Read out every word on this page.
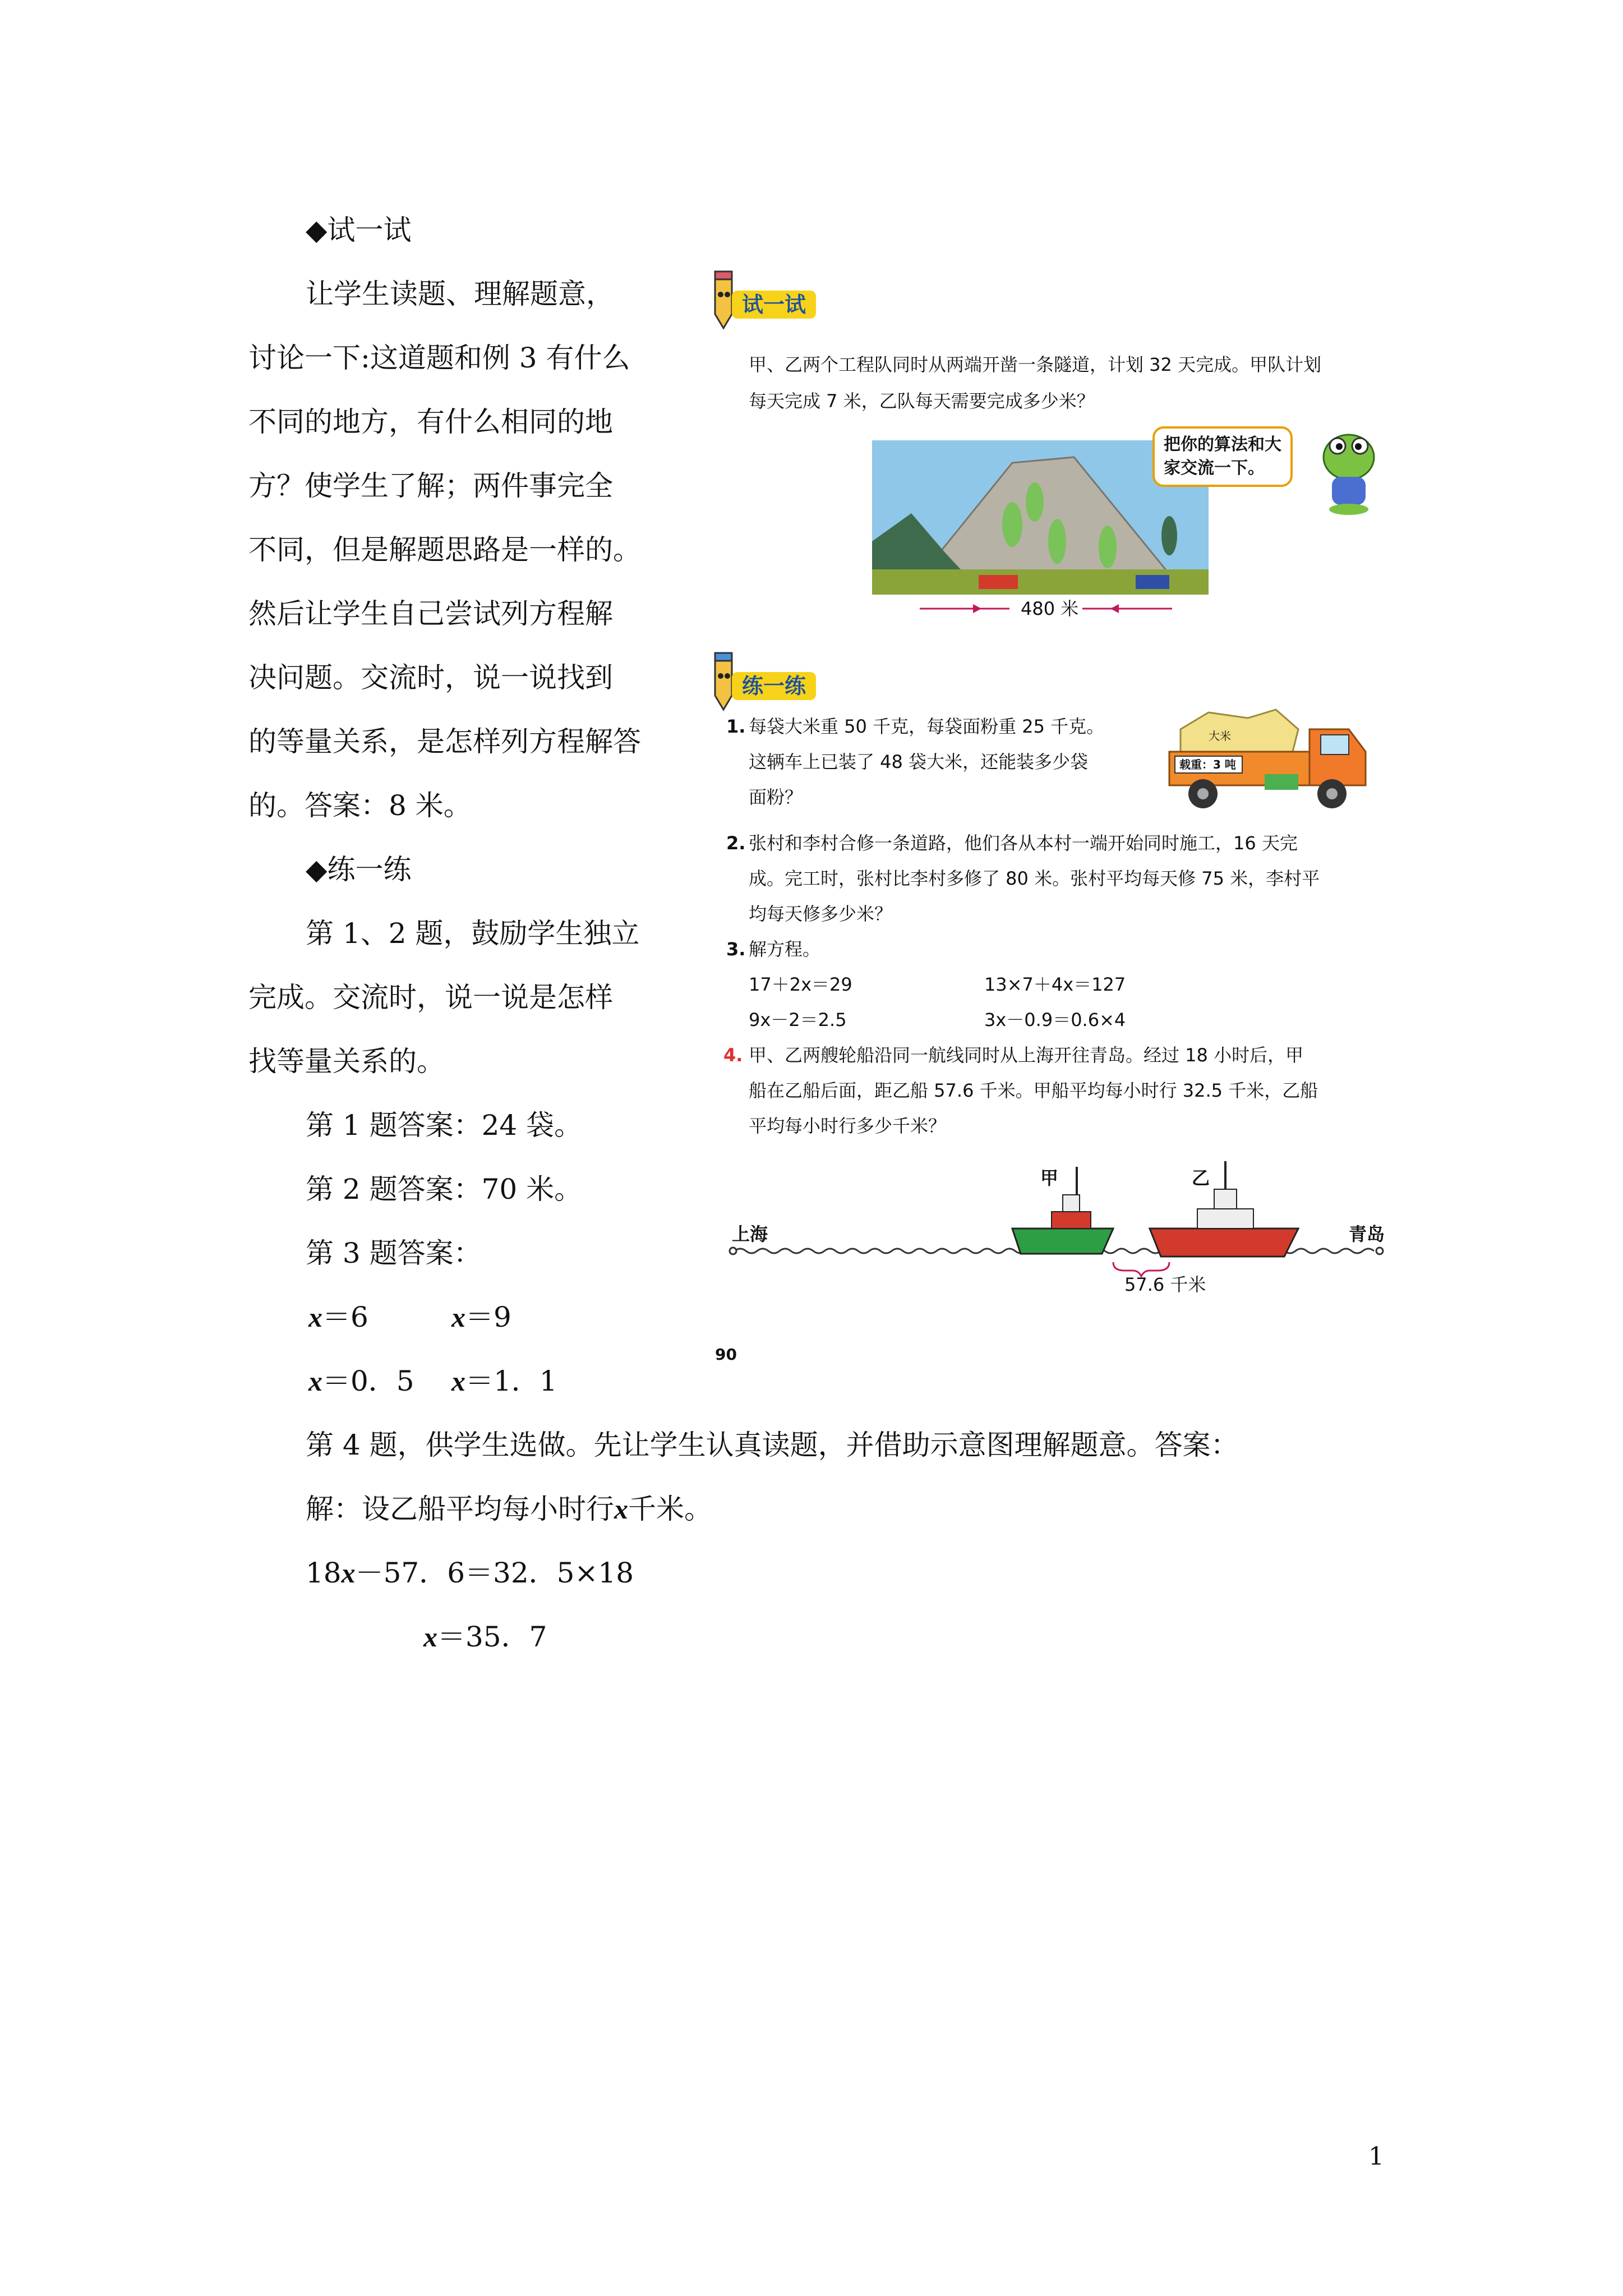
◆试一试
让学生读题、理解题意，
讨论一下:这道题和例 3 有什么
不同的地方，有什么相同的地
方？使学生了解；两件事完全
不同，但是解题思路是一样的。
然后让学生自己尝试列方程解
决问题。交流时，说一说找到
的等量关系，是怎样列方程解答
的。答案：8 米。
◆练一练
第 1、2 题，鼓励学生独立
完成。交流时，说一说是怎样
找等量关系的。
第 1 题答案：24 袋。
第 2 题答案：70 米。
第 3 题答案：
x＝6	x＝9
x＝0．5 x＝1．1
第 4 题，供学生选做。先让学生认真读题，并借助示意图理解题意。答案：
解：设乙船平均每小时行x千米。
18x－57．6＝32．5×18
x＝35．7
试一试
甲、乙两个工程队同时从两端开凿一条隧道，计划 32 天完成。甲队计划
每天完成 7 米，乙队每天需要完成多少米？
把你的算法和大
家交流一下。
480 米
练一练
1. 每袋大米重 50 千克，每袋面粉重 25 千克。
这辆车上已装了 48 袋大米，还能装多少袋
面粉？
载重：3 吨
大米
2. 张村和李村合修一条道路，他们各从本村一端开始同时施工，16 天完
成。完工时，张村比李村多修了 80 米。张村平均每天修 75 米，李村平
均每天修多少米？
3. 解方程。
17＋2x＝29	13×7＋4x＝127
9x－2＝2.5	3x－0.9＝0.6×4
4. 甲、乙两艘轮船沿同一航线同时从上海开往青岛。经过 18 小时后，甲
船在乙船后面，距乙船 57.6 千米。甲船平均每小时行 32.5 千米，乙船
平均每小时行多少千米？
甲	乙
上海	青岛
57.6 千米
90
1
